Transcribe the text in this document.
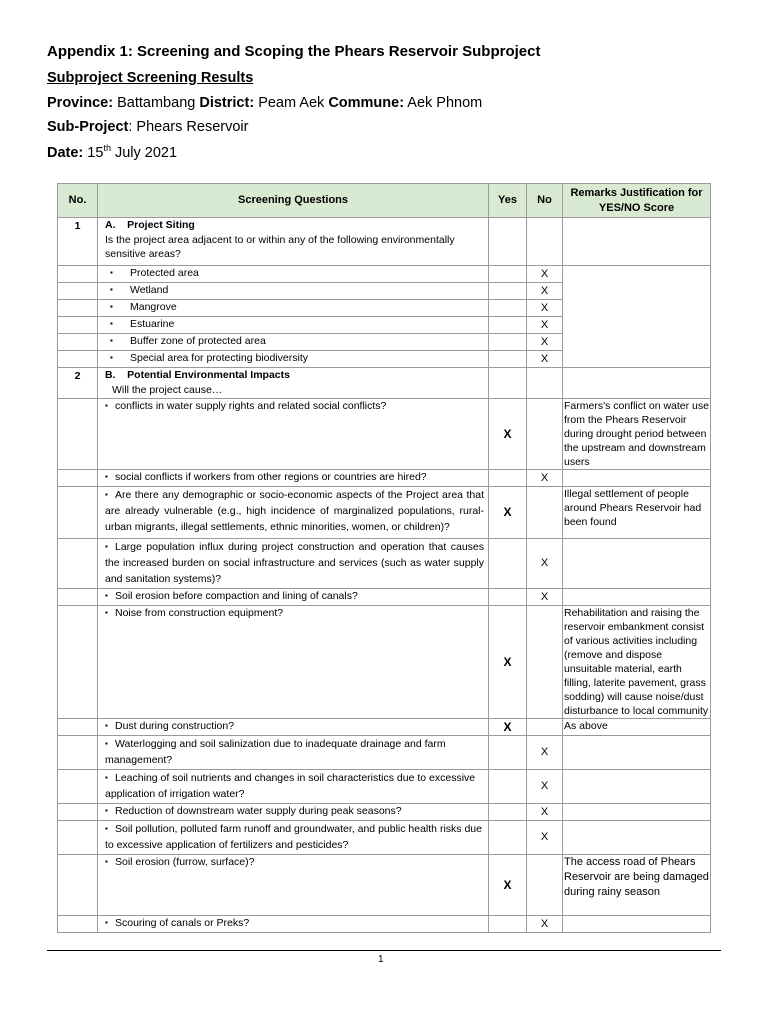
Appendix 1: Screening and Scoping the Phears Reservoir Subproject
Subproject Screening Results
Province: Battambang District: Peam Aek Commune: Aek Phnom
Sub-Project: Phears Reservoir
Date: 15th July 2021
No.	Screening Questions	Yes	No	Remarks Justification for YES/NO Score
1	A.    Project Siting
Is the project area adjacent to or within any of the following environmentally sensitive areas?			

	▪ Protected area		X	
	▪ Wetland		X	
	▪ Mangrove		X	
	▪ Estuarine		X	
	▪ Buffer zone of protected area		X	
	▪ Special area for protecting biodiversity		X	
2	B.    Potential Environmental Impacts
Will the project cause…			

	▪ conflicts in water supply rights and related social conflicts?	X		Farmers's conflict on water use from the Phears Reservoir during drought period between the upstream and downstream users
	▪ social conflicts if workers from other regions or countries are hired?		X	
	▪ Are there any demographic or socio-economic aspects of the Project area that are already vulnerable (e.g., high incidence of marginalized populations, rural-urban migrants, illegal settlements, ethnic minorities, women, or children)?	X		Illegal settlement of people around Phears Reservoir had been found
	▪ Large population influx during project construction and operation that causes the increased burden on social infrastructure and services (such as water supply and sanitation systems)?		X	
	▪ Soil erosion before compaction and lining of canals?		X	
	▪ Noise from construction equipment?	X		Rehabilitation and raising the reservoir embankment consist of various activities including (remove and dispose unsuitable material, earth filling, laterite pavement, grass sodding) will cause noise/dust disturbance to local community
	▪ Dust during construction?	X		As above
	▪ Waterlogging and soil salinization due to inadequate drainage and farm management?		X	
	▪ Leaching of soil nutrients and changes in soil characteristics due to excessive application of irrigation water?		X	
	▪ Reduction of downstream water supply during peak seasons?		X	
	▪ Soil pollution, polluted farm runoff and groundwater, and public health risks due to excessive application of fertilizers and pesticides?		X	
	▪ Soil erosion (furrow, surface)?	X		The access road of Phears Reservoir are being damaged during rainy season
	▪ Scouring of canals or Preks?		X	
1
